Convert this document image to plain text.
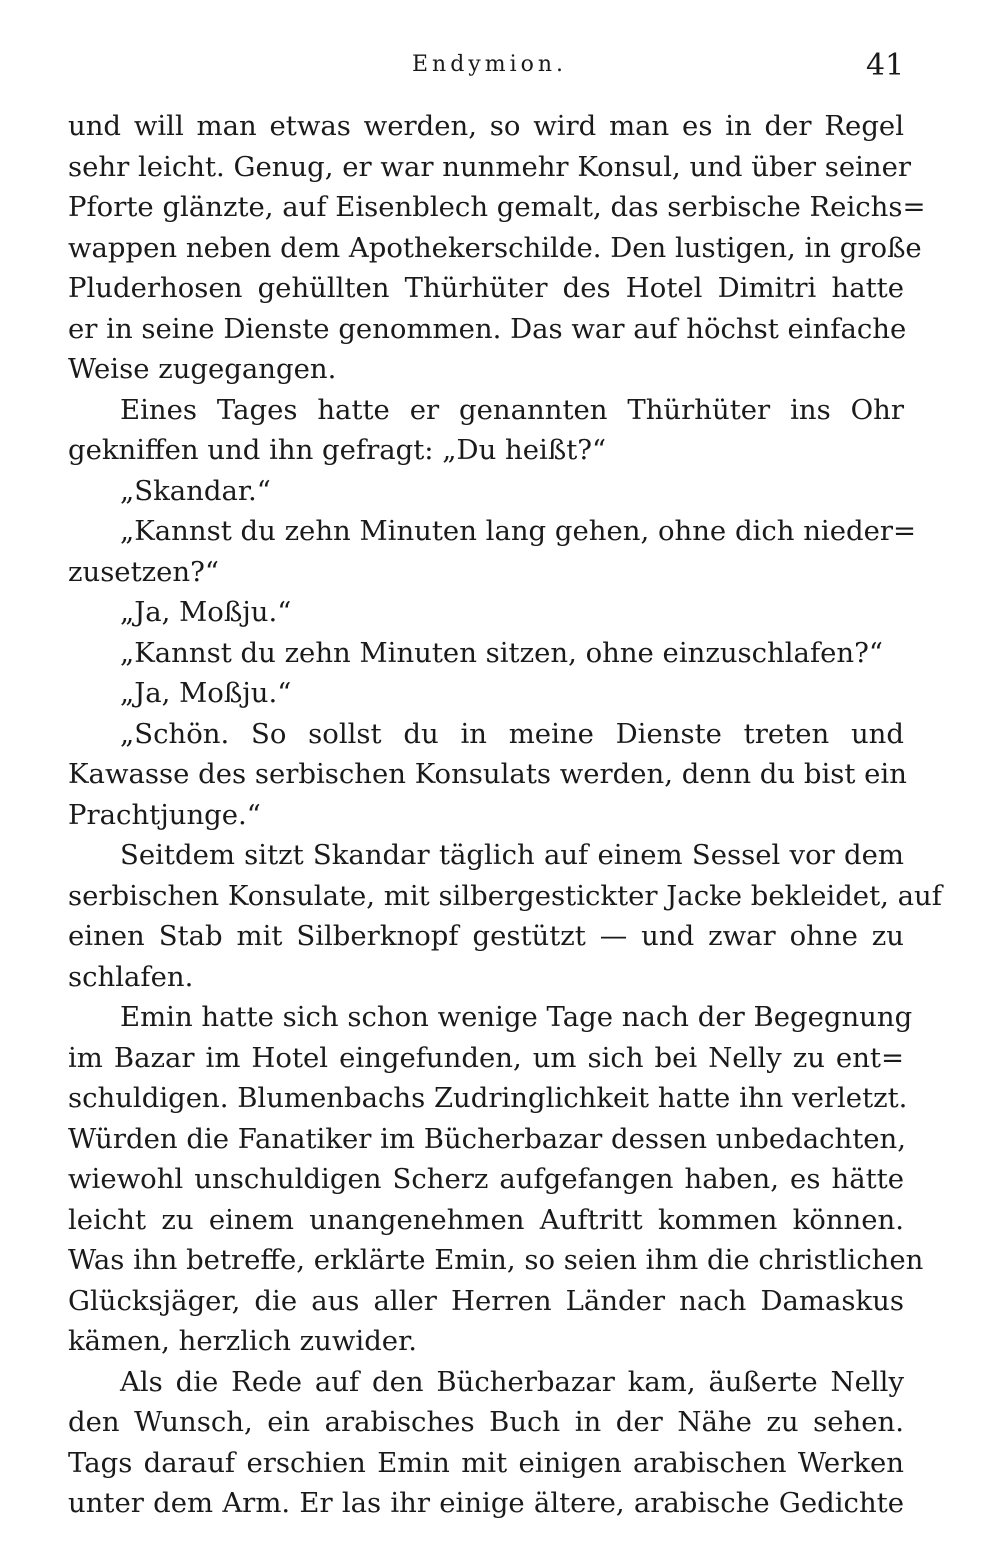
Endymion.	41
und will man etwas werden, so wird man es in der Regel
sehr leicht. Genug, er war nunmehr Konsul, und über seiner
Pforte glänzte, auf Eisenblech gemalt, das serbische Reichs=
wappen neben dem Apothekerschilde. Den lustigen, in große
Pluderhosen gehüllten Thürhüter des Hotel Dimitri hatte
er in seine Dienste genommen. Das war auf höchst einfache
Weise zugegangen.
Eines Tages hatte er genannten Thürhüter ins Ohr
gekniffen und ihn gefragt: „Du heißt?“
„Skandar.“
„Kannst du zehn Minuten lang gehen, ohne dich nieder=
zusetzen?“
„Ja, Moßju.“
„Kannst du zehn Minuten sitzen, ohne einzuschlafen?“
„Ja, Moßju.“
„Schön. So sollst du in meine Dienste treten und
Kawasse des serbischen Konsulats werden, denn du bist ein
Prachtjunge.“
Seitdem sitzt Skandar täglich auf einem Sessel vor dem
serbischen Konsulate, mit silbergestickter Jacke bekleidet, auf
einen Stab mit Silberknopf gestützt — und zwar ohne zu
schlafen.
Emin hatte sich schon wenige Tage nach der Begegnung
im Bazar im Hotel eingefunden, um sich bei Nelly zu ent=
schuldigen. Blumenbachs Zudringlichkeit hatte ihn verletzt.
Würden die Fanatiker im Bücherbazar dessen unbedachten,
wiewohl unschuldigen Scherz aufgefangen haben, es hätte
leicht zu einem unangenehmen Auftritt kommen können.
Was ihn betreffe, erklärte Emin, so seien ihm die christlichen
Glücksjäger, die aus aller Herren Länder nach Damaskus
kämen, herzlich zuwider.
Als die Rede auf den Bücherbazar kam, äußerte Nelly
den Wunsch, ein arabisches Buch in der Nähe zu sehen.
Tags darauf erschien Emin mit einigen arabischen Werken
unter dem Arm. Er las ihr einige ältere, arabische Gedichte
